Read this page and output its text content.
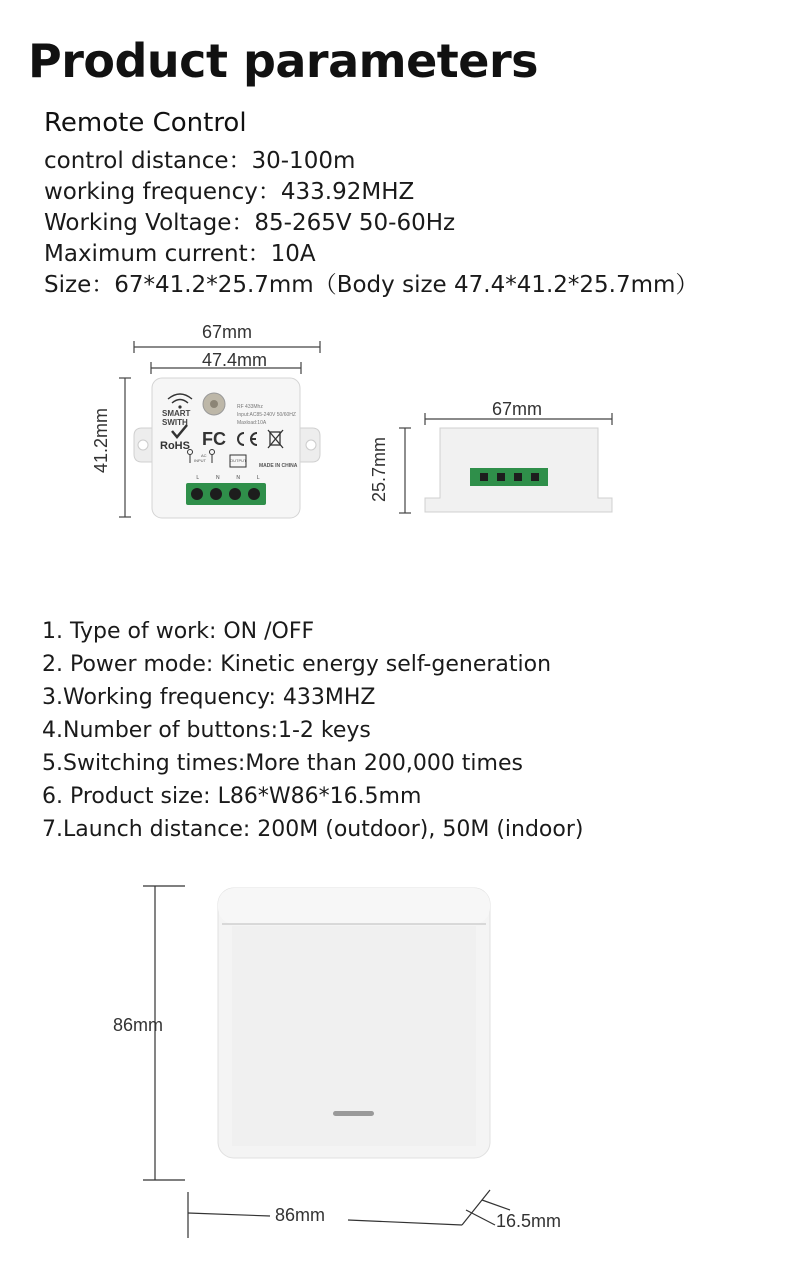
Product parameters
Remote Control
control distance：30-100m
working frequency：433.92MHZ
Working Voltage：85-265V 50-60Hz
Maximum current：10A
Size：67*41.2*25.7mm（Body size 47.4*41.2*25.7mm）
67mm
47.4mm
41.2mm	67mm
25.7mm
SMART
SWITH
RoHS FC
RF 433Mhz
Input:AC85-240V 50/60HZ
Maxload:10A
MADE IN CHINA
INPUT
AC
OUTPUT
L	N	N	L
1. Type of work: ON /OFF
2. Power mode: Kinetic energy self-generation
3.Working frequency: 433MHZ
4.Number of buttons:1-2 keys
5.Switching times:More than 200,000 times
6. Product size: L86*W86*16.5mm
7.Launch distance: 200M (outdoor), 50M (indoor)
86mm
86mm	16.5mm
